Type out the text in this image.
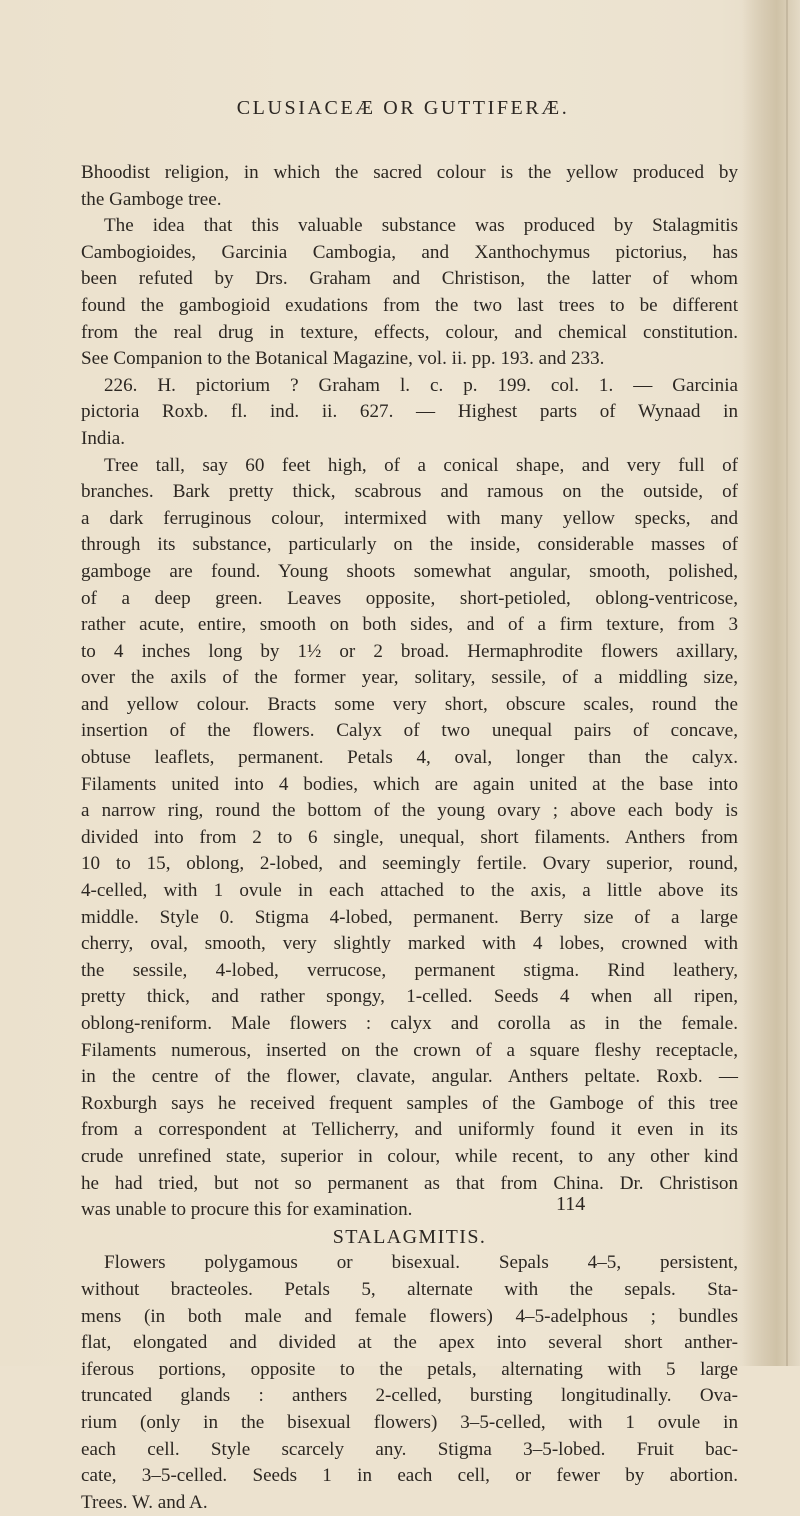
CLUSIACEÆ OR GUTTIFERÆ.
Bhoodist religion, in which the sacred colour is the yellow produced by
the Gamboge tree.
The idea that this valuable substance was produced by Stalagmitis
Cambogioides, Garcinia Cambogia, and Xanthochymus pictorius, has
been refuted by Drs. Graham and Christison, the latter of whom
found the gambogioid exudations from the two last trees to be different
from the real drug in texture, effects, colour, and chemical constitution.
See Companion to the Botanical Magazine, vol. ii. pp. 193. and 233.
226. H. pictorium ? Graham l. c. p. 199. col. 1. — Garcinia
pictoria Roxb. fl. ind. ii. 627. — Highest parts of Wynaad in
India.
Tree tall, say 60 feet high, of a conical shape, and very full of
branches. Bark pretty thick, scabrous and ramous on the outside, of
a dark ferruginous colour, intermixed with many yellow specks, and
through its substance, particularly on the inside, considerable masses of
gamboge are found. Young shoots somewhat angular, smooth, polished,
of a deep green. Leaves opposite, short-petioled, oblong-ventricose,
rather acute, entire, smooth on both sides, and of a firm texture, from 3
to 4 inches long by 1½ or 2 broad. Hermaphrodite flowers axillary,
over the axils of the former year, solitary, sessile, of a middling size,
and yellow colour. Bracts some very short, obscure scales, round the
insertion of the flowers. Calyx of two unequal pairs of concave,
obtuse leaflets, permanent. Petals 4, oval, longer than the calyx.
Filaments united into 4 bodies, which are again united at the base into
a narrow ring, round the bottom of the young ovary ; above each body is
divided into from 2 to 6 single, unequal, short filaments. Anthers from
10 to 15, oblong, 2-lobed, and seemingly fertile. Ovary superior, round,
4-celled, with 1 ovule in each attached to the axis, a little above its
middle. Style 0. Stigma 4-lobed, permanent. Berry size of a large
cherry, oval, smooth, very slightly marked with 4 lobes, crowned with
the sessile, 4-lobed, verrucose, permanent stigma. Rind leathery,
pretty thick, and rather spongy, 1-celled. Seeds 4 when all ripen,
oblong-reniform. Male flowers : calyx and corolla as in the female.
Filaments numerous, inserted on the crown of a square fleshy receptacle,
in the centre of the flower, clavate, angular. Anthers peltate. Roxb. —
Roxburgh says he received frequent samples of the Gamboge of this tree
from a correspondent at Tellicherry, and uniformly found it even in its
crude unrefined state, superior in colour, while recent, to any other kind
he had tried, but not so permanent as that from China. Dr. Christison
was unable to procure this for examination.
STALAGMITIS.
Flowers polygamous or bisexual. Sepals 4–5, persistent,
without bracteoles. Petals 5, alternate with the sepals. Sta-
mens (in both male and female flowers) 4–5-adelphous ; bundles
flat, elongated and divided at the apex into several short anther-
iferous portions, opposite to the petals, alternating with 5 large
truncated glands : anthers 2-celled, bursting longitudinally. Ova-
rium (only in the bisexual flowers) 3–5-celled, with 1 ovule in
each cell. Style scarcely any. Stigma 3–5-lobed. Fruit bac-
cate, 3–5-celled. Seeds 1 in each cell, or fewer by abortion.
Trees. W. and A.
114
